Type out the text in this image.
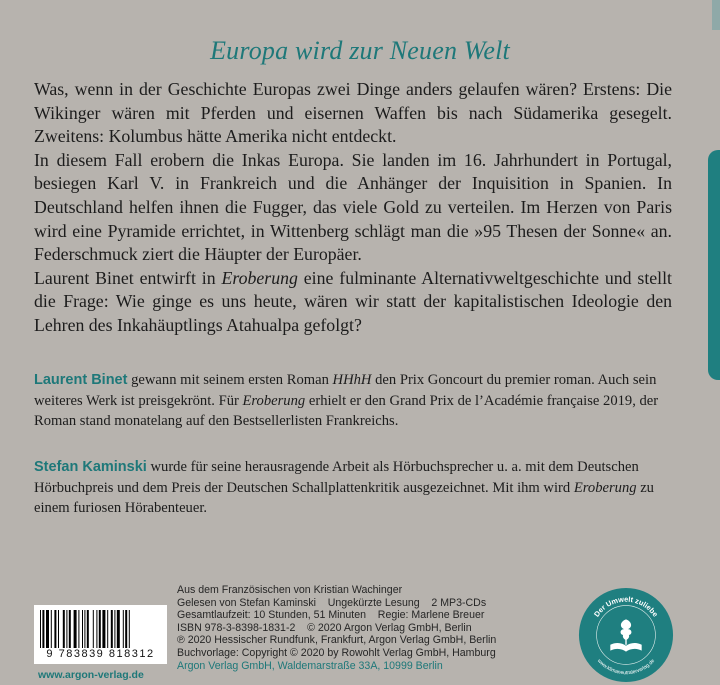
Europa wird zur Neuen Welt

Was, wenn in der Geschichte Europas zwei Dinge anders gelaufen wären? Erstens: Die Wikinger wären mit Pferden und eisernen Waffen bis nach Südamerika gesegelt. Zweitens: Kolumbus hätte Amerika nicht entdeckt.

In diesem Fall erobern die Inkas Europa. Sie landen im 16. Jahrhundert in Portugal, besiegen Karl V. in Frankreich und die Anhänger der Inquisition in Spanien. In Deutschland helfen ihnen die Fugger, das viele Gold zu verteilen. Im Herzen von Paris wird eine Pyramide errichtet, in Wittenberg schlägt man die »95 Thesen der Sonne« an. Federschmuck ziert die Häupter der Europäer.

Laurent Binet entwirft in Eroberung eine fulminante Alternativweltgeschichte und stellt die Frage: Wie ginge es uns heute, wären wir statt der kapitalistischen Ideologie den Lehren des Inkahäuptlings Atahualpa gefolgt?

Laurent Binet gewann mit seinem ersten Roman HHhH den Prix Goncourt du premier roman. Auch sein weiteres Werk ist preisgekrönt. Für Eroberung erhielt er den Grand Prix de l’Académie française 2019, der Roman stand monatelang auf den Bestsellerlisten Frankreichs.

Stefan Kaminski wurde für seine herausragende Arbeit als Hörbuchsprecher u. a. mit dem Deutschen Hörbuchpreis und dem Preis der Deutschen Schallplattenkritik ausgezeichnet. Mit ihm wird Eroberung zu einem furiosen Hörabenteuer.

Aus dem Französischen von Kristian Wachinger
Gelesen von Stefan Kaminski    Ungekürzte Lesung    2 MP3-CDs
Gesamtlaufzeit: 10 Stunden, 51 Minuten    Regie: Marlene Breuer
ISBN 978-3-8398-1831-2    © 2020 Argon Verlag GmbH, Berlin
℗ 2020 Hessischer Rundfunk, Frankfurt, Argon Verlag GmbH, Berlin
Buchvorlage: Copyright © 2020 by Rowohlt Verlag GmbH, Hamburg
Argon Verlag GmbH, Waldemarstraße 33A, 10999 Berlin
9 783839 818312
www.argon-verlag.de
Der Umwelt zuliebe
www.klimaneutralerverlag.de
